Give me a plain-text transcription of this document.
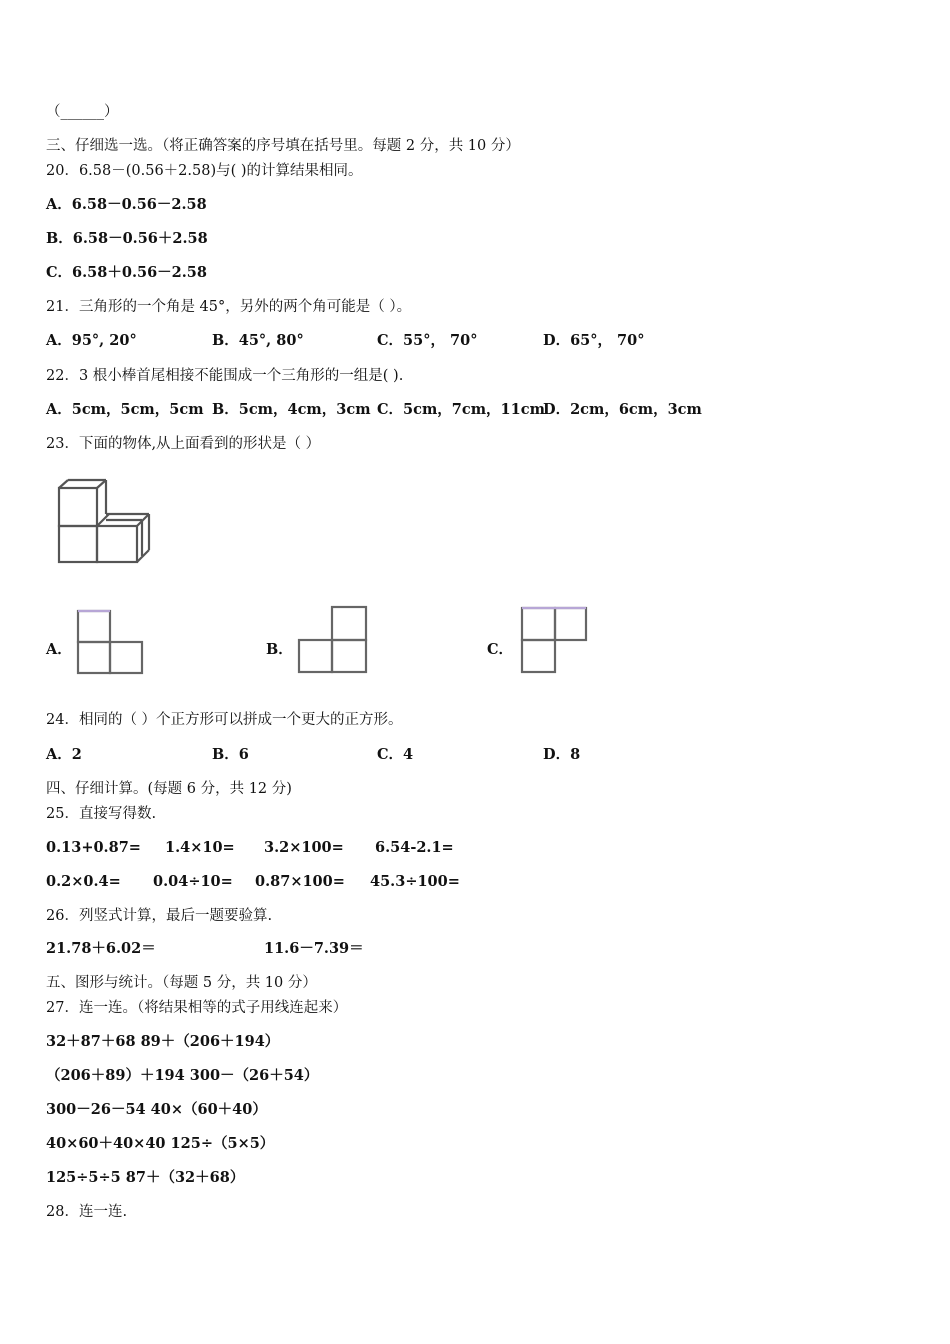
（______）
三、仔细选一选。（将正确答案的序号填在括号里。每题 2 分，共 10 分）
20．6.58－(0.56＋2.58)与( )的计算结果相同。
A．6.58－0.56－2.58
B．6.58－0.56＋2.58
C．6.58＋0.56－2.58
21．三角形的一个角是 45°，另外的两个角可能是（ ）。
A．95°, 20°	B．45°, 80°	C．55°， 70°	D．65°， 70°
22．3 根小棒首尾相接不能围成一个三角形的一组是( ).
A．5cm，5cm，5cm B．5cm，4cm，3cm C．5cm，7cm，11cm
D．2cm，6cm，3cm
23．下面的物体,从上面看到的形状是（ ）
A．	B．	C．
24．相同的（ ）个正方形可以拼成一个更大的正方形。
A．2	B．6	C．4	D．8
四、仔细计算。(每题 6 分，共 12 分)
25．直接写得数.
0.13+0.87= 1.4×10= 3.2×100= 6.54-2.1=
0.2×0.4= 0.04÷10= 0.87×100= 45.3÷100=
26．列竖式计算，最后一题要验算.
21.78＋6.02＝	11.6－7.39＝
五、图形与统计。（每题 5 分，共 10 分）
27．连一连。（将结果相等的式子用线连起来）
32＋87＋68 89＋（206＋194）
（206＋89）＋194 300－（26＋54）
300－26－54 40×（60＋40）
40×60＋40×40 125÷（5×5）
125÷5÷5 87＋（32＋68）
28．连一连.
